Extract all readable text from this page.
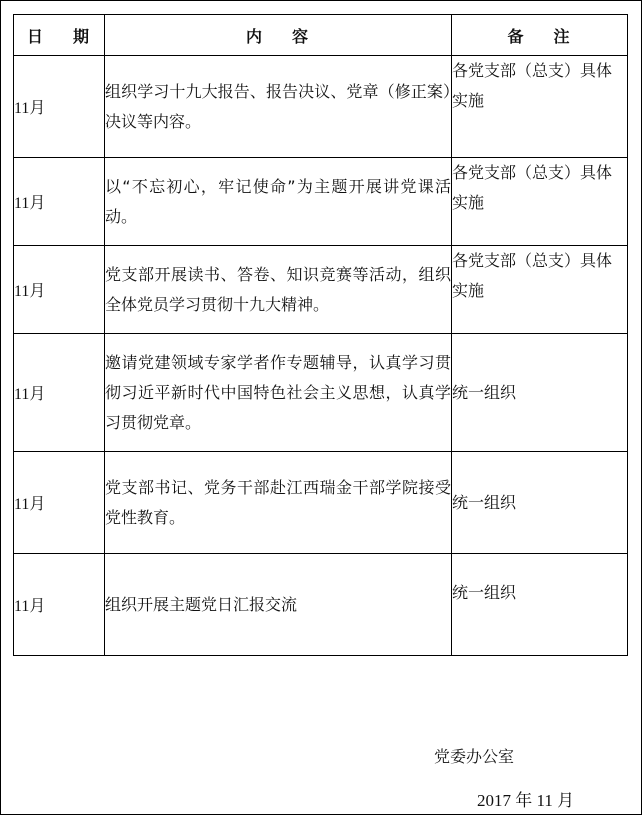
日 期	内 容	备 注
11月	组织学习十九大报告、报告决议、党章（修正案）决议等内容。	各党支部（总支）具体实施
11月	以“不忘初心，牢记使命”为主题开展讲党课活动。	各党支部（总支）具体实施
11月	党支部开展读书、答卷、知识竞赛等活动，组织全体党员学习贯彻十九大精神。	各党支部（总支）具体实施
11月	邀请党建领域专家学者作专题辅导，认真学习贯彻习近平新时代中国特色社会主义思想，认真学习贯彻党章。	统一组织
11月	党支部书记、党务干部赴江西瑞金干部学院接受党性教育。	统一组织
11月	组织开展主题党日汇报交流	统一组织
党委办公室
2017 年 11 月
